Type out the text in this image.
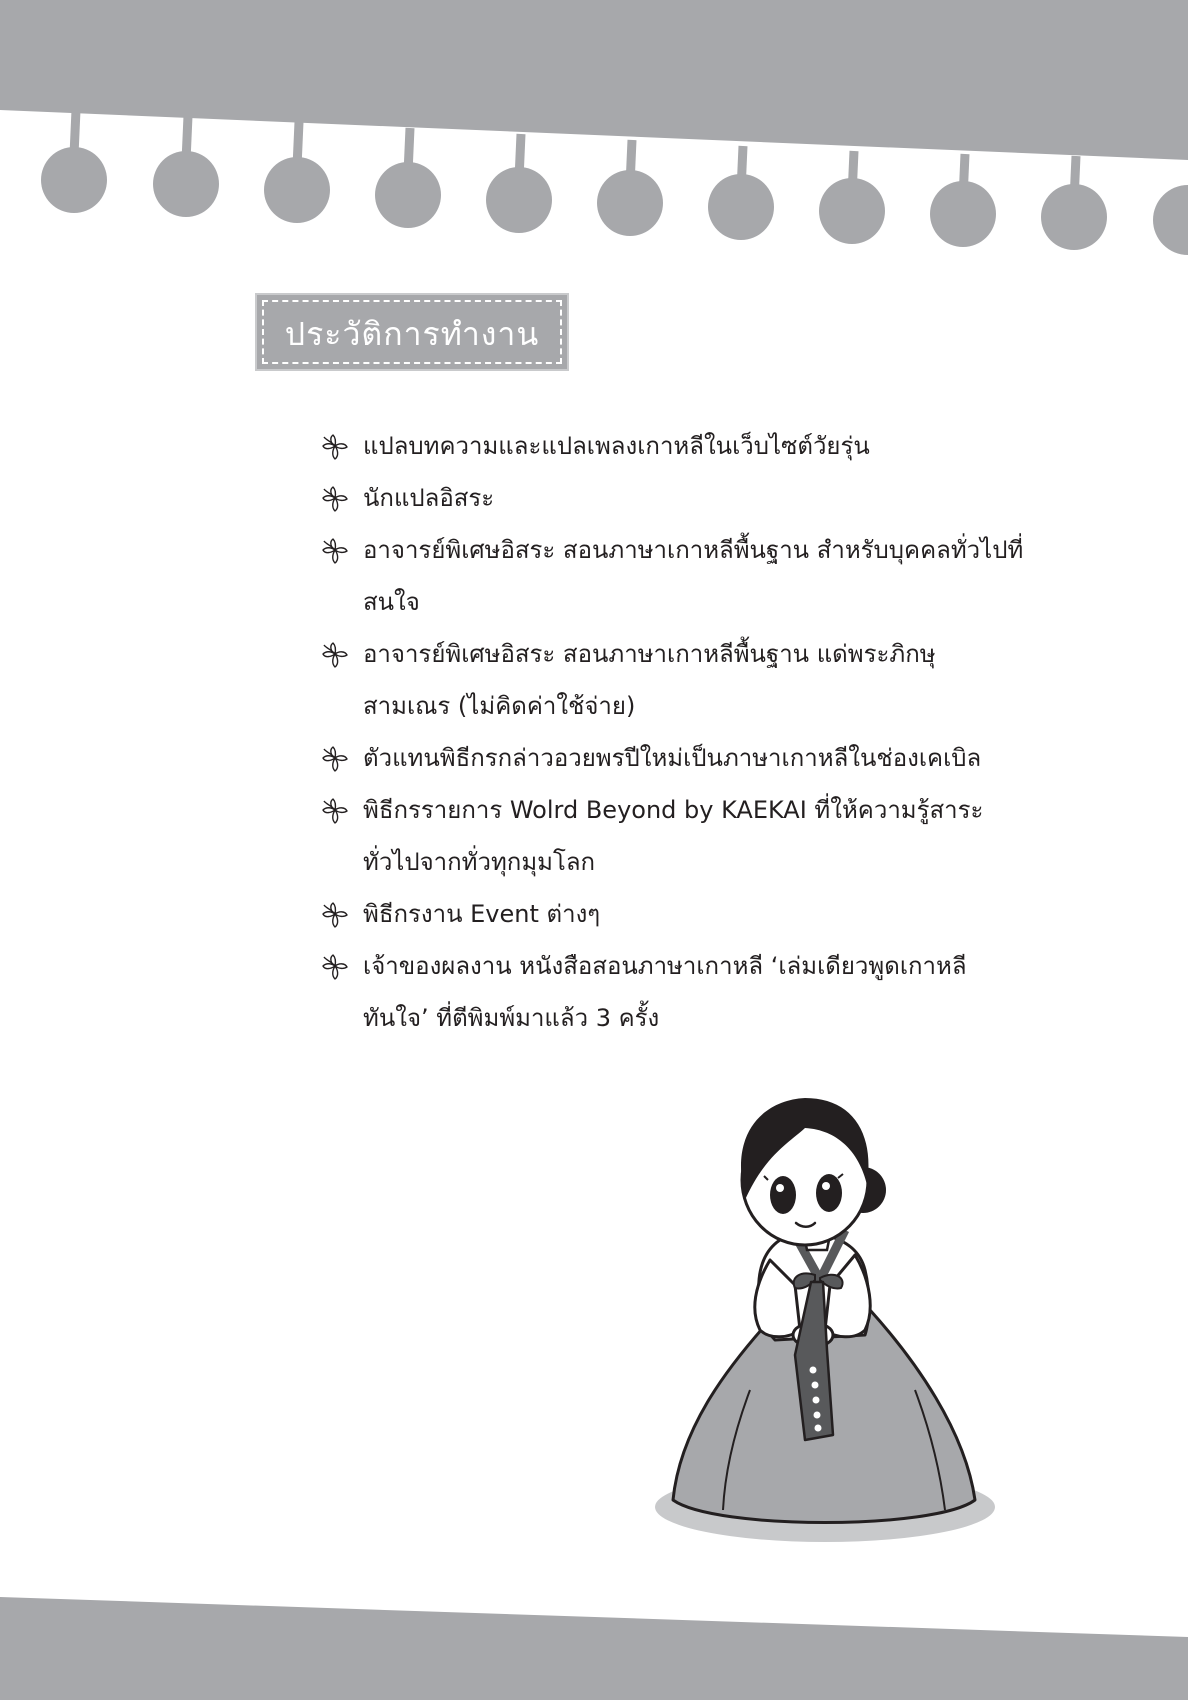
ประวัติการทำงาน
แปลบทความและแปลเพลงเกาหลีในเว็บไซต์วัยรุ่น
นักแปลอิสระ
อาจารย์พิเศษอิสระ สอนภาษาเกาหลีพื้นฐาน สำหรับบุคคลทั่วไปที่สนใจ
อาจารย์พิเศษอิสระ สอนภาษาเกาหลีพื้นฐาน แด่พระภิกษุ สามเณร (ไม่คิดค่าใช้จ่าย)
ตัวแทนพิธีกรกล่าวอวยพรปีใหม่เป็นภาษาเกาหลีในช่องเคเบิล
พิธีกรรายการ Wolrd Beyond by KAEKAI ที่ให้ความรู้สาระทั่วไปจากทั่วทุกมุมโลก
พิธีกรงาน Event ต่างๆ
เจ้าของผลงาน หนังสือสอนภาษาเกาหลี ‘เล่มเดียวพูดเกาหลีทันใจ’ ที่ตีพิมพ์มาแล้ว 3 ครั้ง
